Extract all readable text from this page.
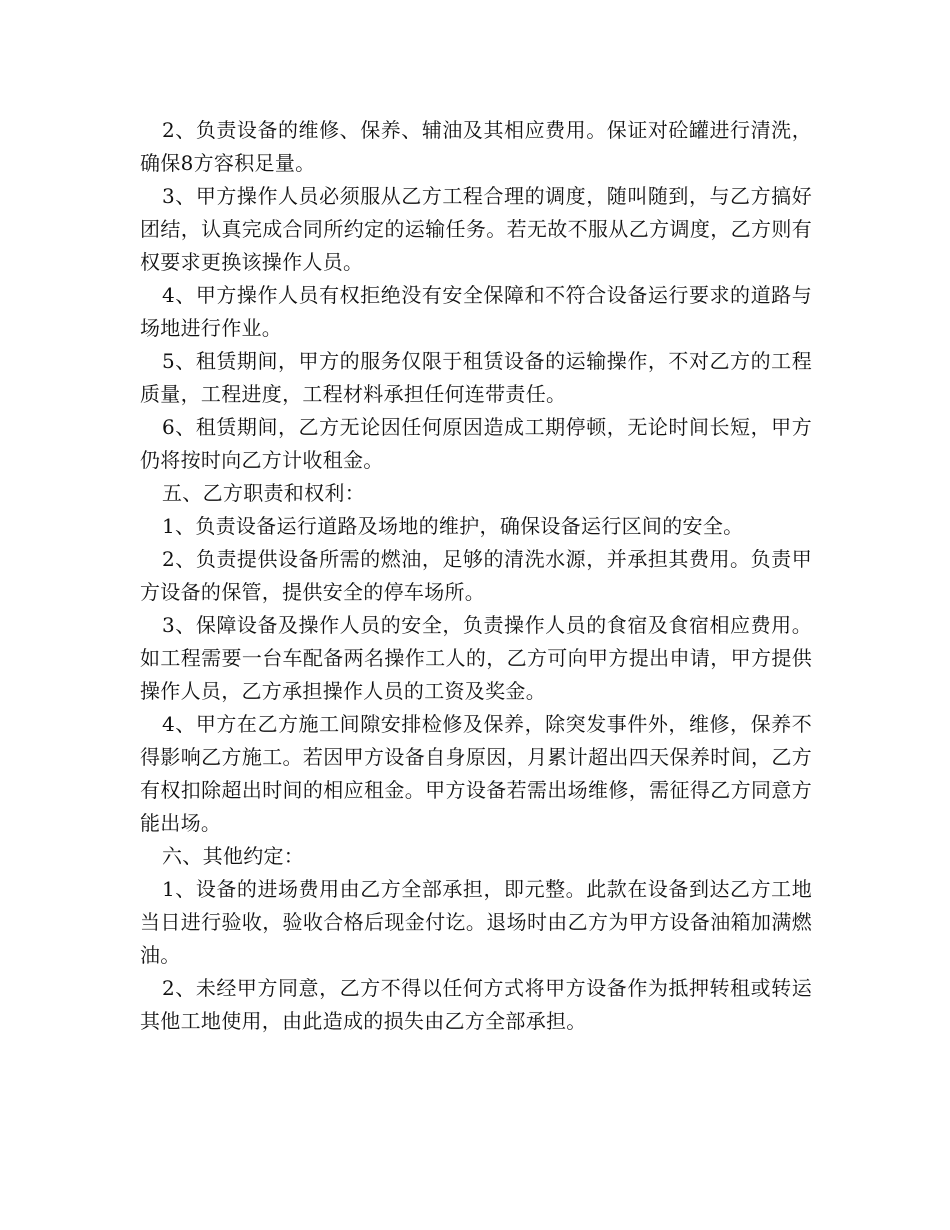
2、负责设备的维修、保养、辅油及其相应费用。保证对砼罐进行清洗，确保8方容积足量。

3、甲方操作人员必须服从乙方工程合理的调度，随叫随到，与乙方搞好团结，认真完成合同所约定的运输任务。若无故不服从乙方调度，乙方则有权要求更换该操作人员。

4、甲方操作人员有权拒绝没有安全保障和不符合设备运行要求的道路与场地进行作业。

5、租赁期间，甲方的服务仅限于租赁设备的运输操作，不对乙方的工程质量，工程进度，工程材料承担任何连带责任。

6、租赁期间，乙方无论因任何原因造成工期停顿，无论时间长短，甲方仍将按时向乙方计收租金。

五、乙方职责和权利：

1、负责设备运行道路及场地的维护，确保设备运行区间的安全。

2、负责提供设备所需的燃油，足够的清洗水源，并承担其费用。负责甲方设备的保管，提供安全的停车场所。

3、保障设备及操作人员的安全，负责操作人员的食宿及食宿相应费用。如工程需要一台车配备两名操作工人的，乙方可向甲方提出申请，甲方提供操作人员，乙方承担操作人员的工资及奖金。

4、甲方在乙方施工间隙安排检修及保养，除突发事件外，维修，保养不得影响乙方施工。若因甲方设备自身原因，月累计超出四天保养时间，乙方有权扣除超出时间的相应租金。甲方设备若需出场维修，需征得乙方同意方能出场。

六、其他约定：

1、设备的进场费用由乙方全部承担，即元整。此款在设备到达乙方工地当日进行验收，验收合格后现金付讫。退场时由乙方为甲方设备油箱加满燃油。

2、未经甲方同意，乙方不得以任何方式将甲方设备作为抵押转租或转运其他工地使用，由此造成的损失由乙方全部承担。
